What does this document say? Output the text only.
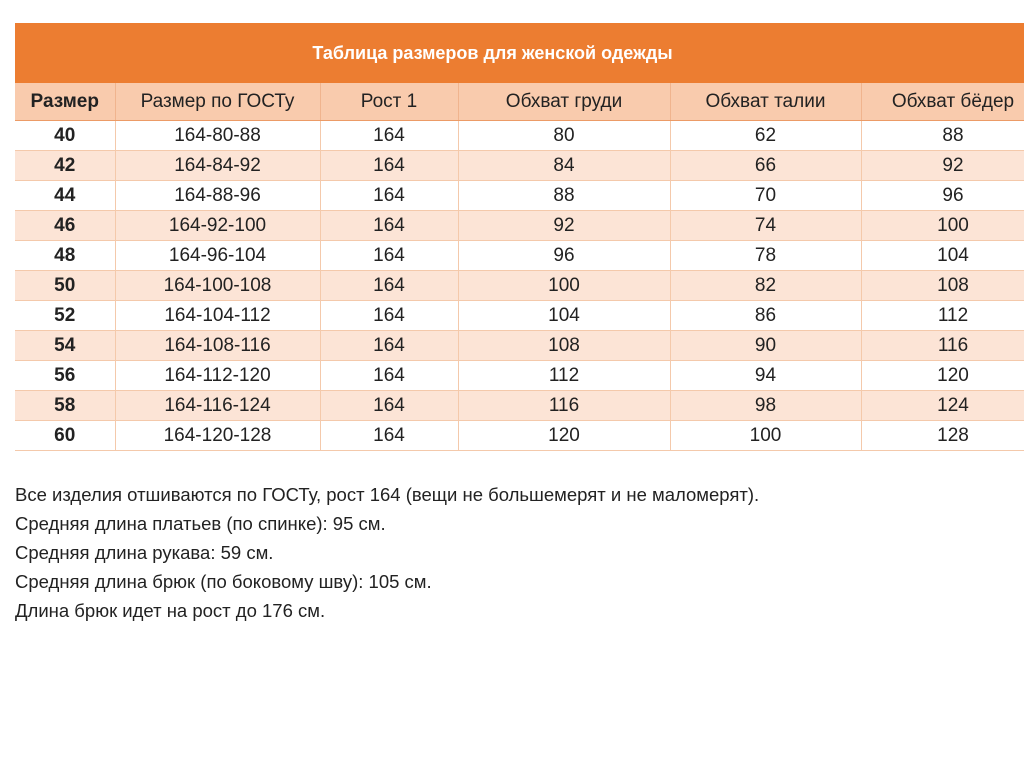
Таблица размеров для женской одежды
Размер	Размер по ГОСТу	Рост 1	Обхват груди	Обхват талии	Обхват бёдер
40	164-80-88	164	80	62	88
42	164-84-92	164	84	66	92
44	164-88-96	164	88	70	96
46	164-92-100	164	92	74	100
48	164-96-104	164	96	78	104
50	164-100-108	164	100	82	108
52	164-104-112	164	104	86	112
54	164-108-116	164	108	90	116
56	164-112-120	164	112	94	120
58	164-116-124	164	116	98	124
60	164-120-128	164	120	100	128

Все изделия отшиваются по ГОСТу, рост 164 (вещи не большемерят и не маломерят).

Средняя длина платьев (по спинке): 95 см.

Средняя длина рукава: 59 см.

Средняя длина брюк (по боковому шву): 105 см.

Длина брюк идет на рост до 176 см.
